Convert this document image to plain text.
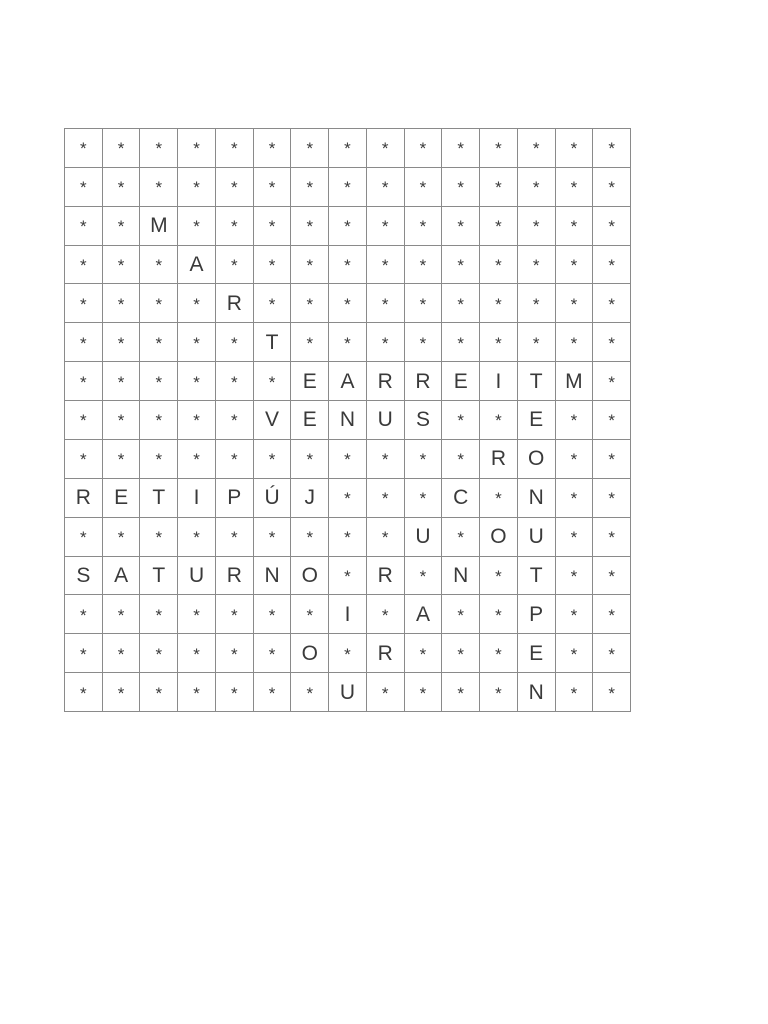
*	*	*	*	*	*	*	*	*	*	*	*	*	*	*
*	*	*	*	*	*	*	*	*	*	*	*	*	*	*
*	*	M	*	*	*	*	*	*	*	*	*	*	*	*
*	*	*	A	*	*	*	*	*	*	*	*	*	*	*
*	*	*	*	R	*	*	*	*	*	*	*	*	*	*
*	*	*	*	*	T	*	*	*	*	*	*	*	*	*
*	*	*	*	*	*	E	A	R	R	E	I	T	M	*
*	*	*	*	*	V	E	N	U	S	*	*	E	*	*
*	*	*	*	*	*	*	*	*	*	*	R	O	*	*
R	E	T	I	P	Ú	J	*	*	*	C	*	N	*	*
*	*	*	*	*	*	*	*	*	U	*	O	U	*	*
S	A	T	U	R	N	O	*	R	*	N	*	T	*	*
*	*	*	*	*	*	*	I	*	A	*	*	P	*	*
*	*	*	*	*	*	O	*	R	*	*	*	E	*	*
*	*	*	*	*	*	*	U	*	*	*	*	N	*	*
